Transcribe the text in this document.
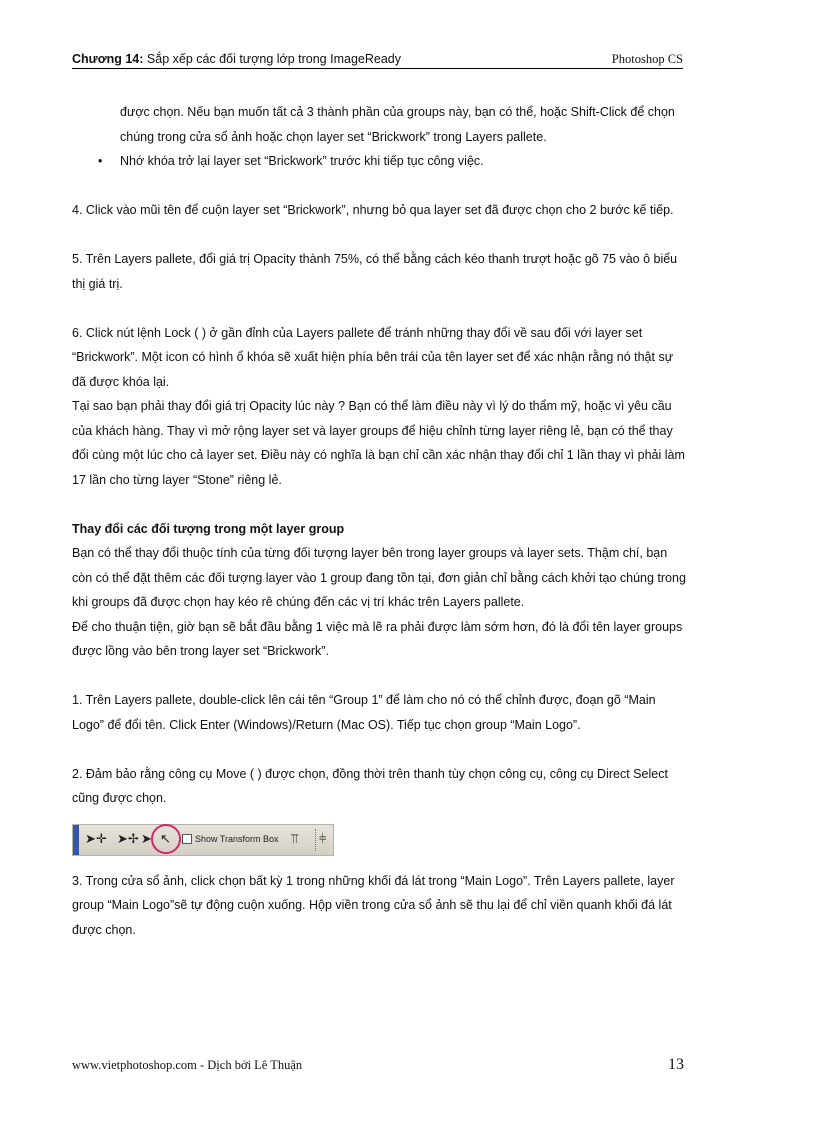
Chương 14: Sắp xếp các đối tượng lớp trong ImageReady	Photoshop CS

được chọn. Nếu bạn muốn tất cả 3 thành phần của groups này, bạn có thể, hoặc Shift-Click để chọn chúng trong cửa sổ ảnh hoặc chọn layer set “Brickwork” trong Layers pallete.

• Nhớ khóa trở lại layer set “Brickwork” trước khi tiếp tục công việc.

4. Click vào mũi tên để cuộn layer set “Brickwork”, nhưng bỏ qua layer set đã được chọn cho 2 bước kế tiếp.

5. Trên Layers pallete, đổi giá trị Opacity thành 75%, có thể bằng cách kéo thanh trượt hoặc gõ 75 vào ô biểu thị giá trị.

6. Click nút lệnh Lock ( ) ở gần đỉnh của Layers pallete để tránh những thay đổi về sau đối với layer set “Brickwork”. Một icon có hình ổ khóa sẽ xuất hiện phía bên trái của tên layer set để xác nhận rằng nó thật sự đã được khóa lại.

Tại sao bạn phải thay đổi giá trị Opacity lúc này ? Bạn có thể làm điều này vì lý do thẩm mỹ, hoặc vì yêu cầu của khách hàng. Thay vì mở rộng layer set và layer groups để hiệu chỉnh từng layer riêng lẻ, bạn có thể thay đổi cùng một lúc cho cả layer set. Điều này có nghĩa là bạn chỉ cần xác nhận thay đổi chỉ 1 lần thay vì phải làm 17 lần cho từng layer “Stone” riêng lẻ.

Thay đổi các đối tượng trong một layer group

Bạn có thể thay đổi thuộc tính của từng đối tượng layer bên trong layer groups và layer sets. Thậm chí, bạn còn có thể đặt thêm các đối tượng layer vào 1 group đang tồn tại, đơn giản chỉ bằng cách khởi tạo chúng trong khi groups đã được chọn hay kéo rê chúng đến các vị trí khác trên Layers pallete.

Để cho thuận tiện, giờ bạn sẽ bắt đầu bằng 1 việc mà lẽ ra phải được làm sớm hơn, đó là đổi tên layer groups được lồng vào bên trong layer set “Brickwork”.

1. Trên Layers pallete, double-click lên cái tên “Group 1” để làm cho nó có thể chỉnh được, đoạn gõ “Main Logo” để đổi tên. Click Enter (Windows)/Return (Mac OS). Tiếp tục chọn group “Main Logo”.

2. Đảm bảo rằng công cụ Move ( ) được chọn, đồng thời trên thanh tùy chọn công cụ, công cụ Direct Select cũng được chọn.

➤✛ ➤✢ ➤ ↖	Show Transform Box ⫪ ⫩

3. Trong cửa sổ ảnh, click chọn bất kỳ 1 trong những khối đá lát trong “Main Logo”. Trên Layers pallete, layer group “Main Logo”sẽ tự động cuộn xuống. Hộp viền trong cửa sổ ảnh sẽ thu lại để chỉ viền quanh khối đá lát được chọn.

www.vietphotoshop.com - Dịch bởi Lê Thuận	13
